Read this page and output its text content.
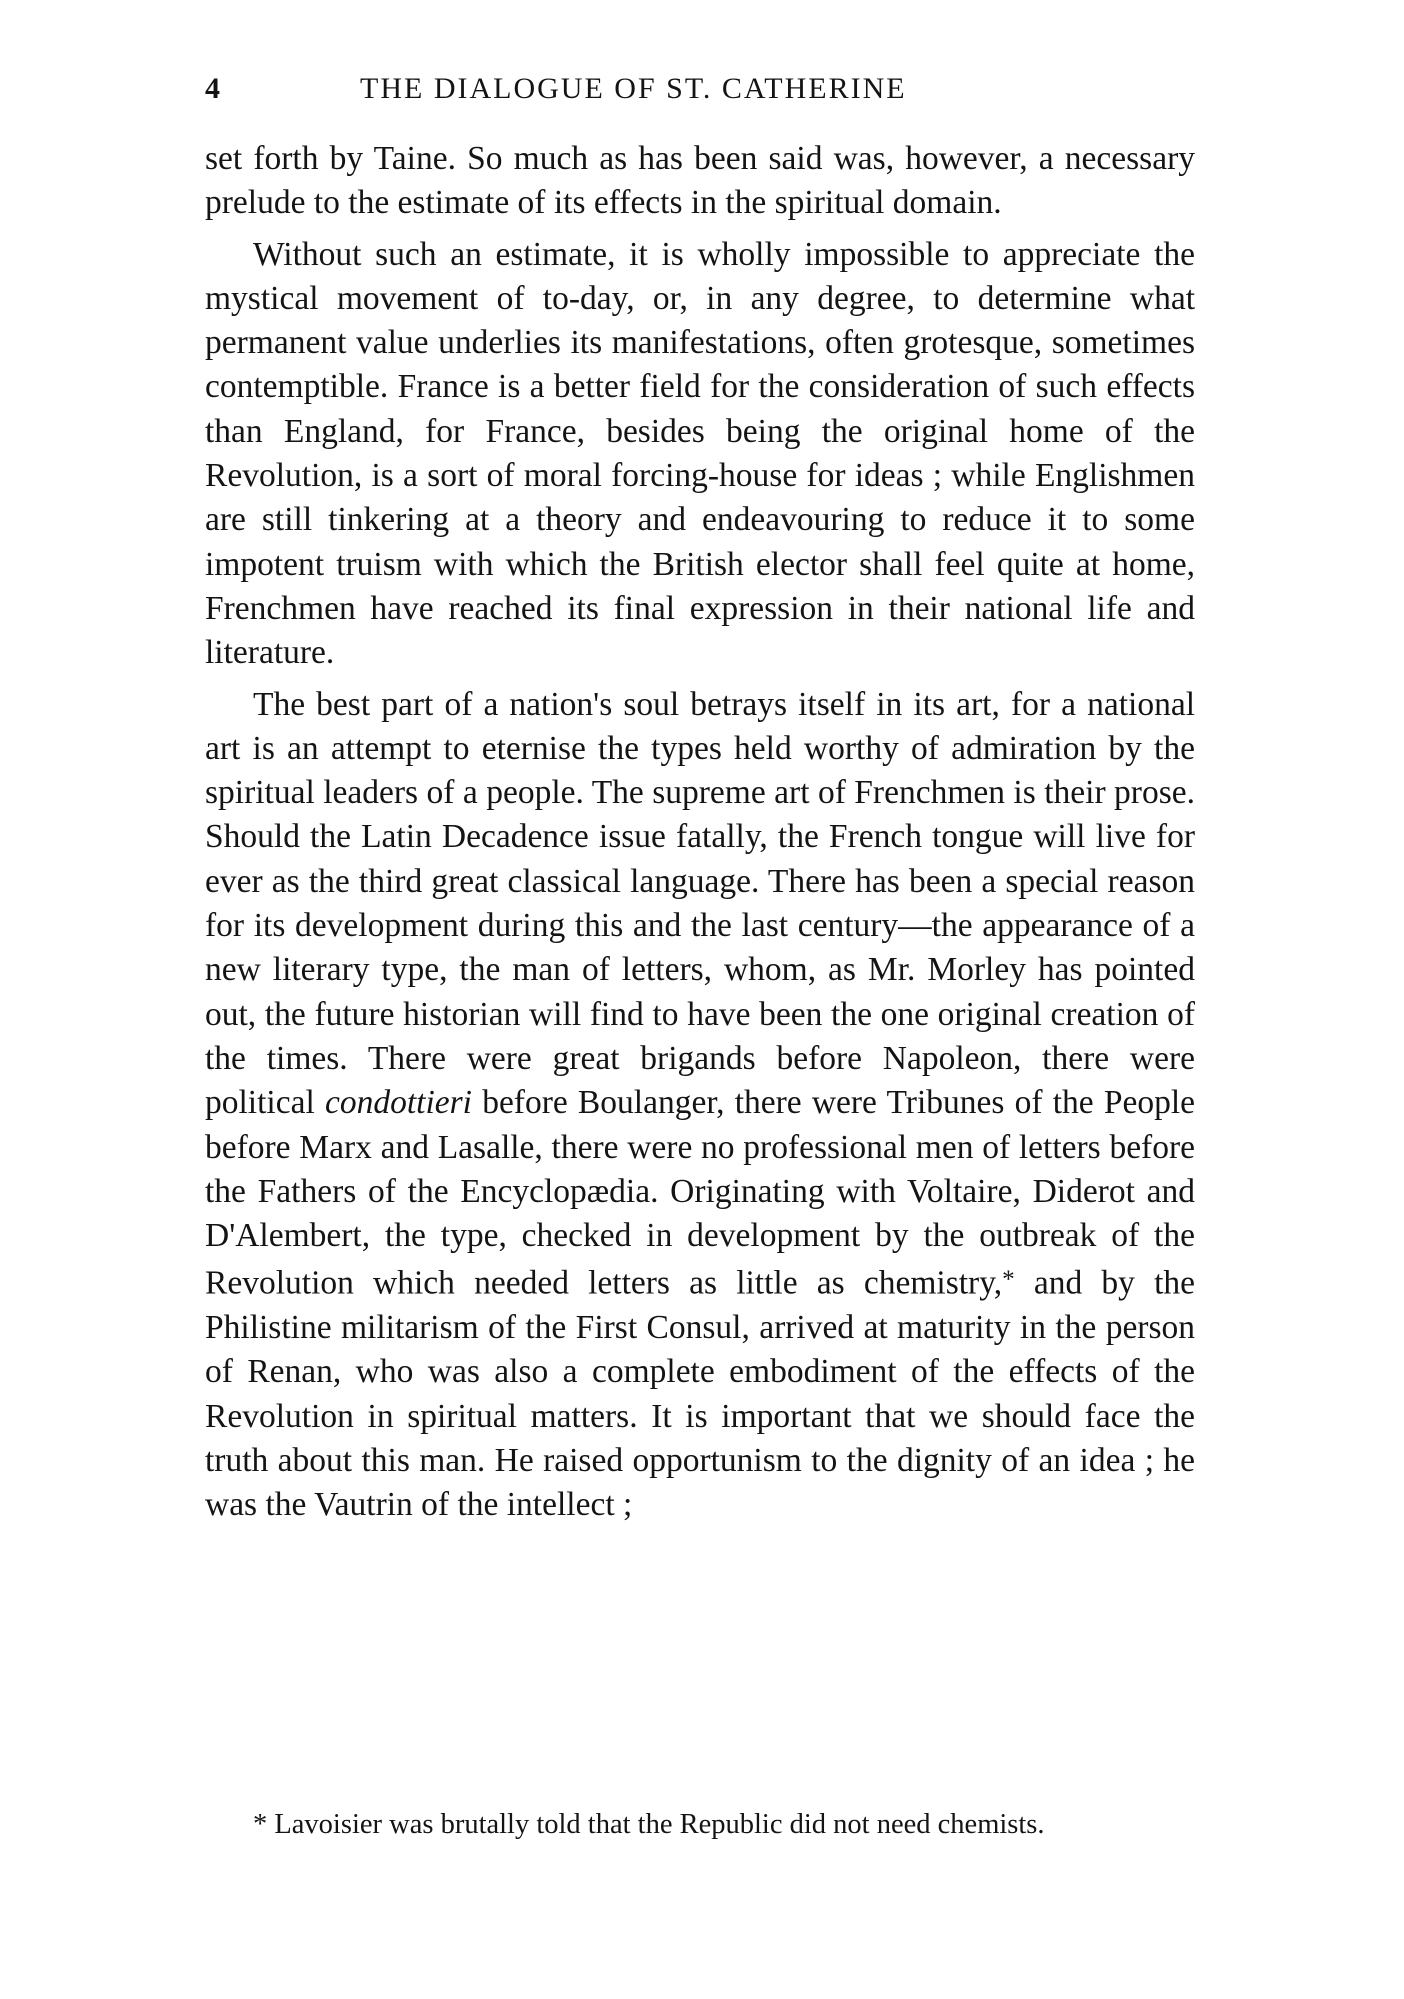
4	THE DIALOGUE OF ST. CATHERINE

set forth by Taine. So much as has been said was, however, a necessary prelude to the estimate of its effects in the spiritual domain.

Without such an estimate, it is wholly impossible to appreciate the mystical movement of to-day, or, in any degree, to determine what permanent value underlies its manifestations, often grotesque, sometimes contemptible. France is a better field for the consideration of such effects than England, for France, besides being the original home of the Revolution, is a sort of moral forcing-house for ideas ; while Englishmen are still tinkering at a theory and endeavouring to reduce it to some impotent truism with which the British elector shall feel quite at home, Frenchmen have reached its final expression in their national life and literature.

The best part of a nation's soul betrays itself in its art, for a national art is an attempt to eternise the types held worthy of admiration by the spiritual leaders of a people. The supreme art of Frenchmen is their prose. Should the Latin Decadence issue fatally, the French tongue will live for ever as the third great classical language. There has been a special reason for its development during this and the last century—the appearance of a new literary type, the man of letters, whom, as Mr. Morley has pointed out, the future historian will find to have been the one original creation of the times. There were great brigands before Napoleon, there were political condottieri before Boulanger, there were Tribunes of the People before Marx and Lasalle, there were no professional men of letters before the Fathers of the Encyclopædia. Originating with Voltaire, Diderot and D'Alembert, the type, checked in development by the outbreak of the Revolution which needed letters as little as chemistry,* and by the Philistine militarism of the First Consul, arrived at maturity in the person of Renan, who was also a complete embodiment of the effects of the Revolution in spiritual matters. It is important that we should face the truth about this man. He raised opportunism to the dignity of an idea ; he was the Vautrin of the intellect ;

* Lavoisier was brutally told that the Republic did not need chemists.
